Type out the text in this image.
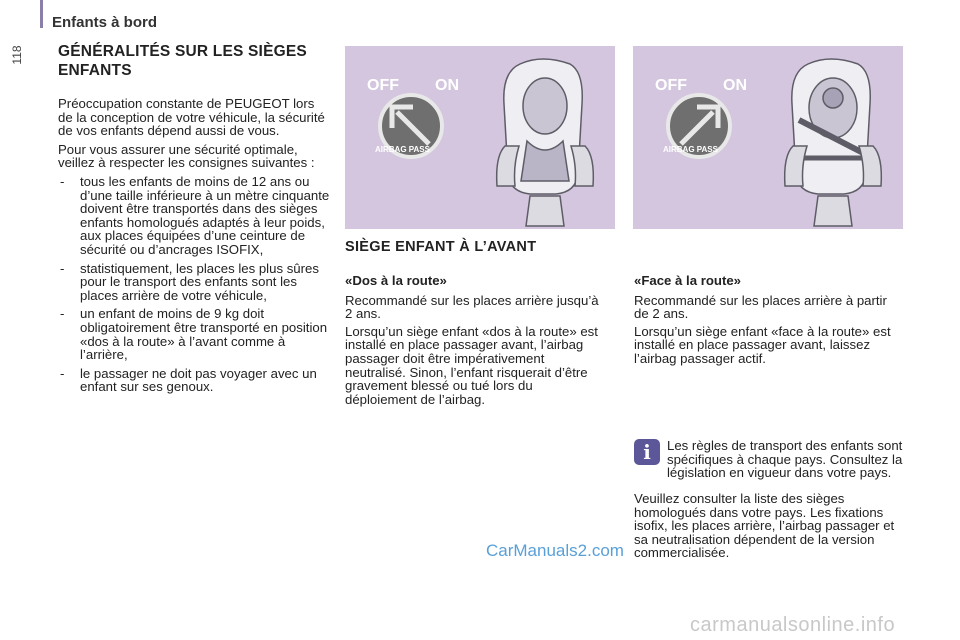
118
Enfants à bord
GÉNÉRALITÉS SUR LES SIÈGES ENFANTS

Préoccupation constante de PEUGEOT lors de la conception de votre véhicule, la sécurité de vos enfants dépend aussi de vous.

Pour vous assurer une sécurité optimale, veillez à respecter les consignes suivantes :

- tous les enfants de moins de 12 ans ou d’une taille inférieure à un mètre cinquante doivent être transportés dans des sièges enfants homologués adaptés à leur poids, aux places équipées d’une ceinture de sécurité ou d’ancrages ISOFIX,
- statistiquement, les places les plus sûres pour le transport des enfants sont les places arrière de votre véhicule,
- un enfant de moins de 9 kg doit obligatoirement être transporté en position «dos à la route» à l’avant comme à l’arrière,
- le passager ne doit pas voyager avec un enfant sur ses genoux.
OFF ON
AIRBAG PASS
OFF ON
AIRBAG PASS
SIÈGE ENFANT À L’AVANT
«Dos à la route»

Recommandé sur les places arrière jusqu’à 2 ans.

Lorsqu’un siège enfant «dos à la route» est installé en place passager avant, l’airbag passager doit être impérativement neutralisé. Sinon, l’enfant risquerait d’être gravement blessé ou tué lors du déploiement de l’airbag.

«Face à la route»

Recommandé sur les places arrière à partir de 2 ans.

Lorsqu’un siège enfant «face à la route» est installé en place passager avant, laissez l’airbag passager actif.

i	Les règles de transport des enfants sont spécifiques à chaque pays. Consultez la législation en vigueur dans votre pays.
Veuillez consulter la liste des sièges homologués dans votre pays. Les fixations isofix, les places arrière, l’airbag passager et sa neutralisation dépendent de la version commercialisée.
CarManuals2.com
carmanualsonline.info
